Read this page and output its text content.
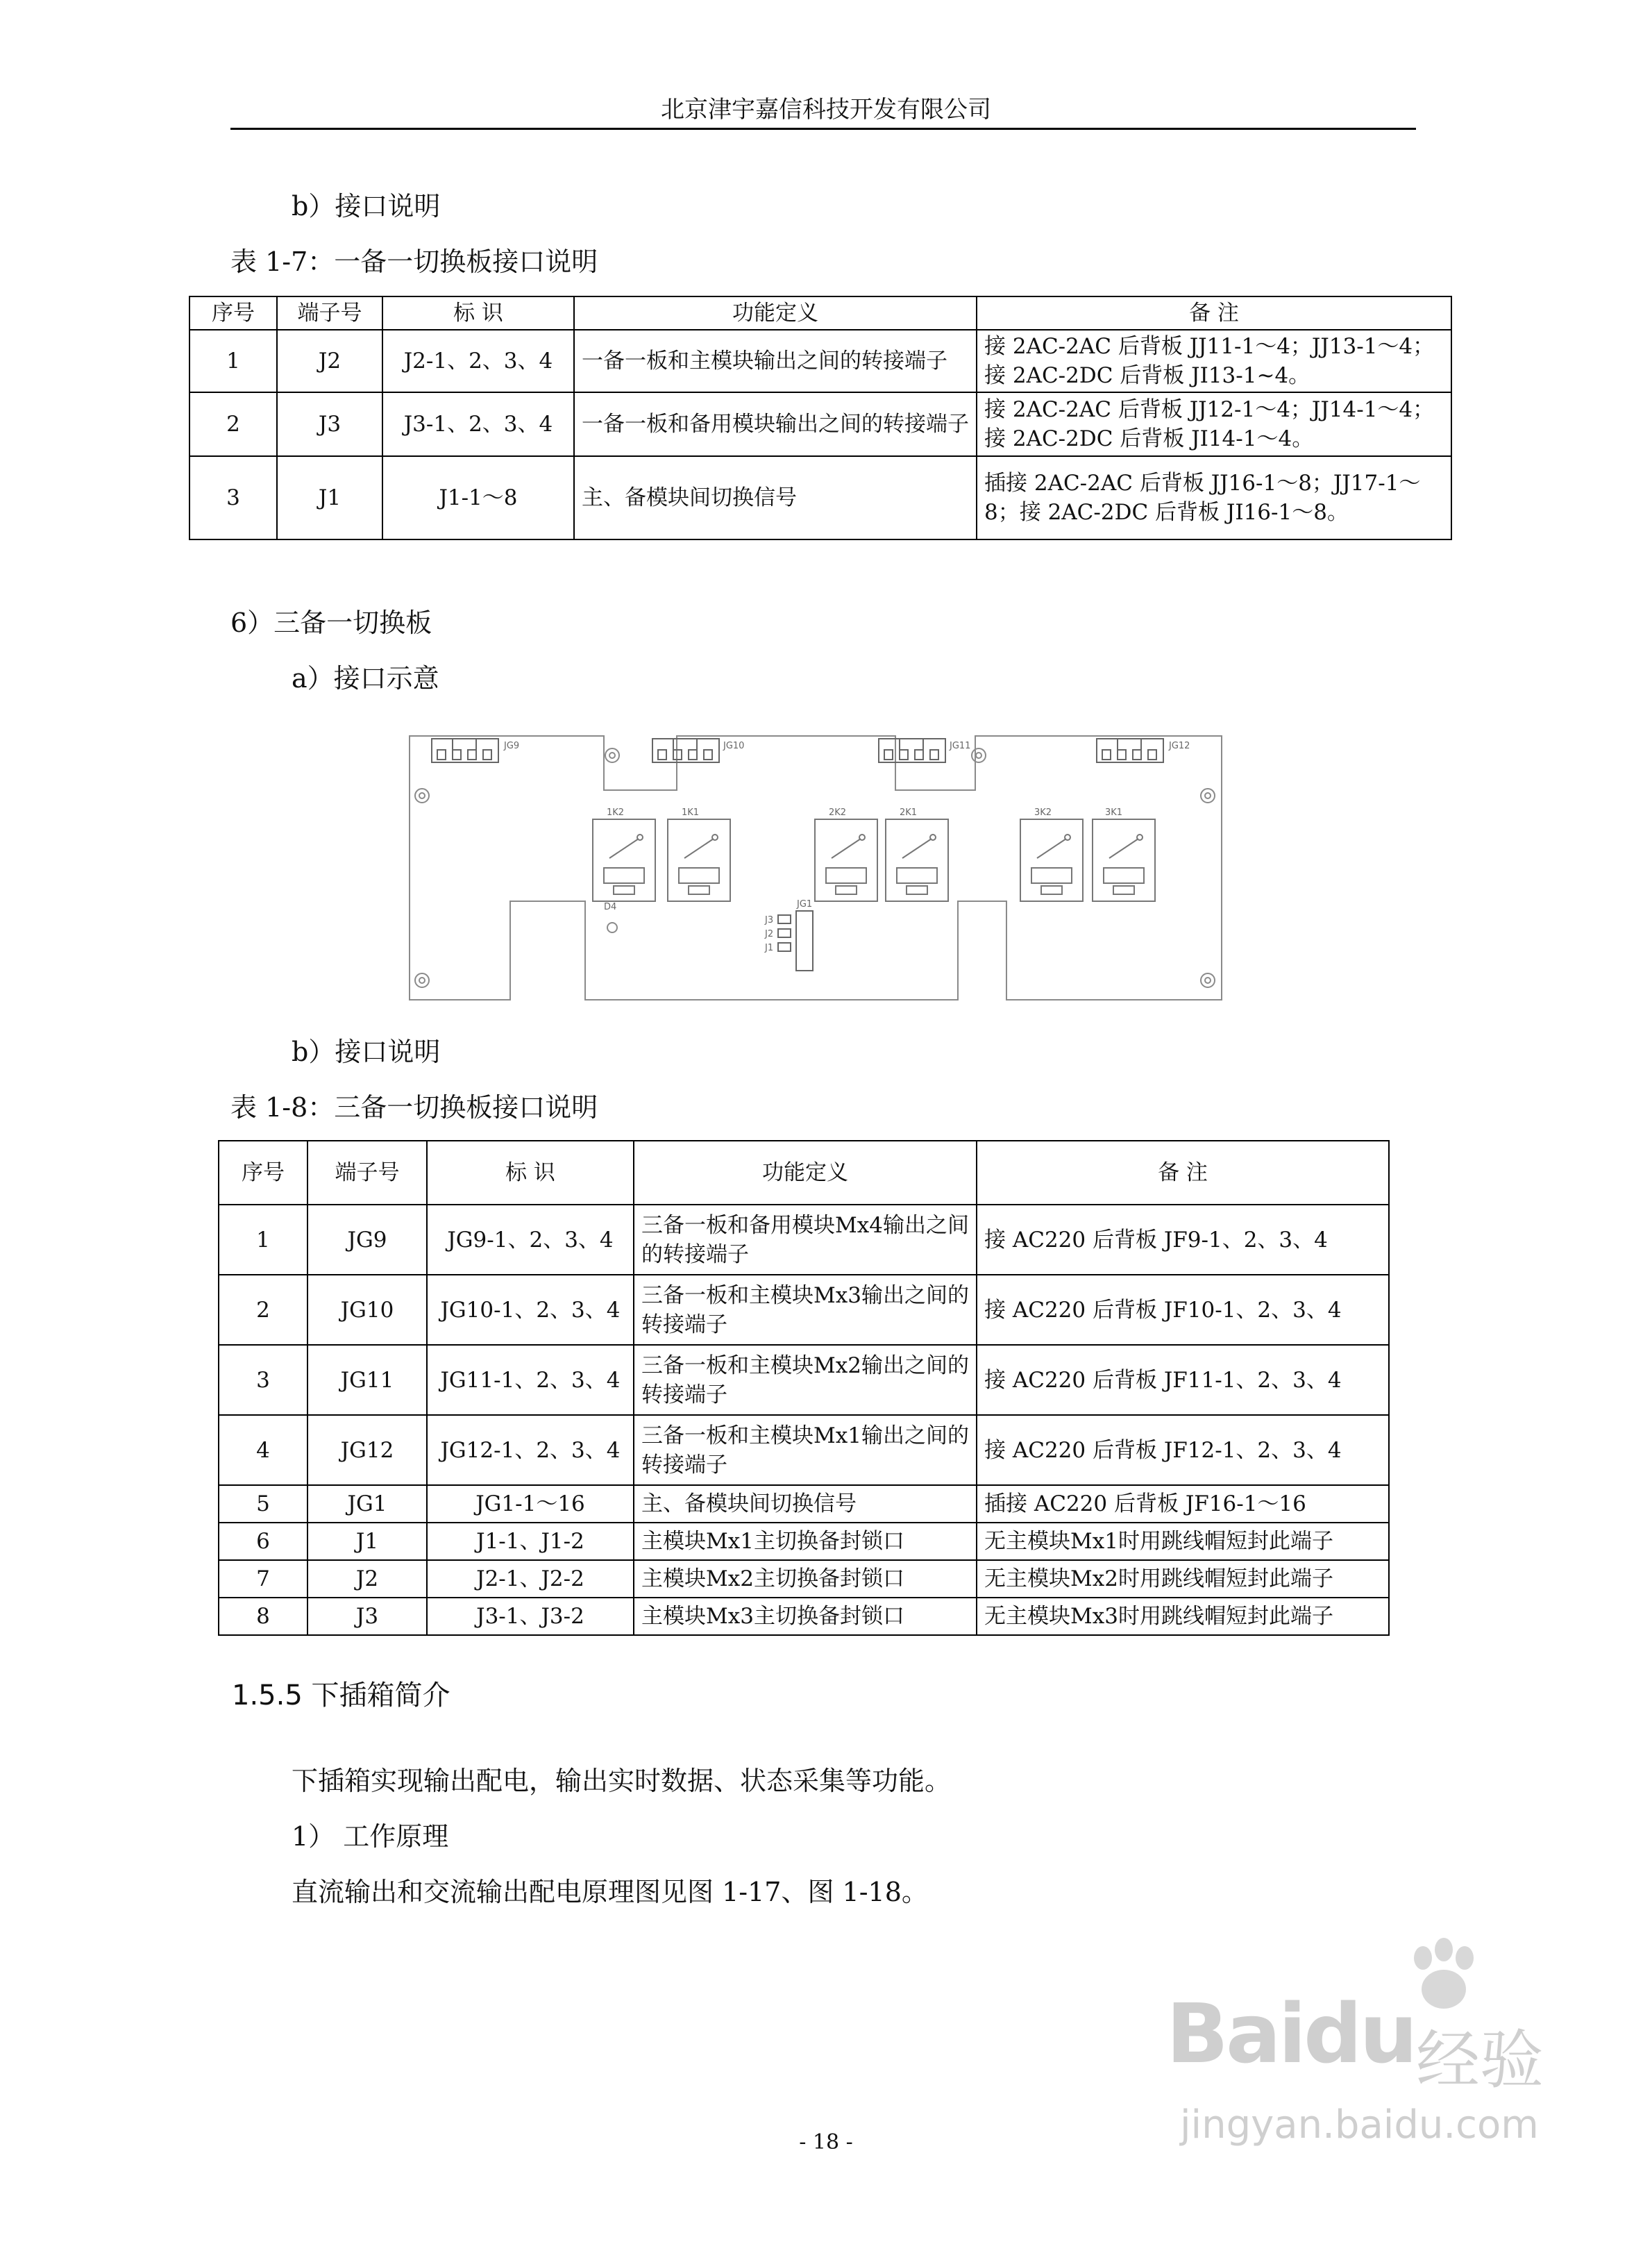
北京津宇嘉信科技开发有限公司
b）接口说明
表 1-7：一备一切换板接口说明
序号	端子号	标 识	功能定义	备 注
1	J2	J2-1、2、3、4	一备一板和主模块输出之间的转接端子	接 2AC-2AC 后背板 JJ11-1～4；JJ13-1～4；接 2AC-2DC 后背板 JI13-1~4。
2	J3	J3-1、2、3、4	一备一板和备用模块输出之间的转接端子	接 2AC-2AC 后背板 JJ12-1～4；JJ14-1～4；接 2AC-2DC 后背板 JI14-1～4。
3	J1	J1-1～8	主、备模块间切换信号	插接 2AC-2AC 后背板 JJ16-1～8；JJ17-1～8；接 2AC-2DC 后背板 JI16-1～8。
6）三备一切换板
a）接口示意
JG9	JG10	JG11	JG12
1K2	1K1	2K2	2K1	3K2	3K1
JG1
D4
J3
J2
J1
b）接口说明
表 1-8：三备一切换板接口说明
序号	端子号	标 识	功能定义	备 注
1	JG9	JG9-1、2、3、4	三备一板和备用模块Mx4输出之间的转接端子	接 AC220 后背板 JF9-1、2、3、4
2	JG10	JG10-1、2、3、4	三备一板和主模块Mx3输出之间的转接端子	接 AC220 后背板 JF10-1、2、3、4
3	JG11	JG11-1、2、3、4	三备一板和主模块Mx2输出之间的转接端子	接 AC220 后背板 JF11-1、2、3、4
4	JG12	JG12-1、2、3、4	三备一板和主模块Mx1输出之间的转接端子	接 AC220 后背板 JF12-1、2、3、4
5	JG1	JG1-1～16	主、备模块间切换信号	插接 AC220 后背板 JF16-1～16
6	J1	J1-1、J1-2	主模块Mx1主切换备封锁口	无主模块Mx1时用跳线帽短封此端子
7	J2	J2-1、J2-2	主模块Mx2主切换备封锁口	无主模块Mx2时用跳线帽短封此端子
8	J3	J3-1、J3-2	主模块Mx3主切换备封锁口	无主模块Mx3时用跳线帽短封此端子
1.5.5 下插箱简介
下插箱实现输出配电，输出实时数据、状态采集等功能。
1） 工作原理
直流输出和交流输出配电原理图见图 1-17、图 1-18。
- 18 -
Baidu 经验
jingyan.baidu.com
